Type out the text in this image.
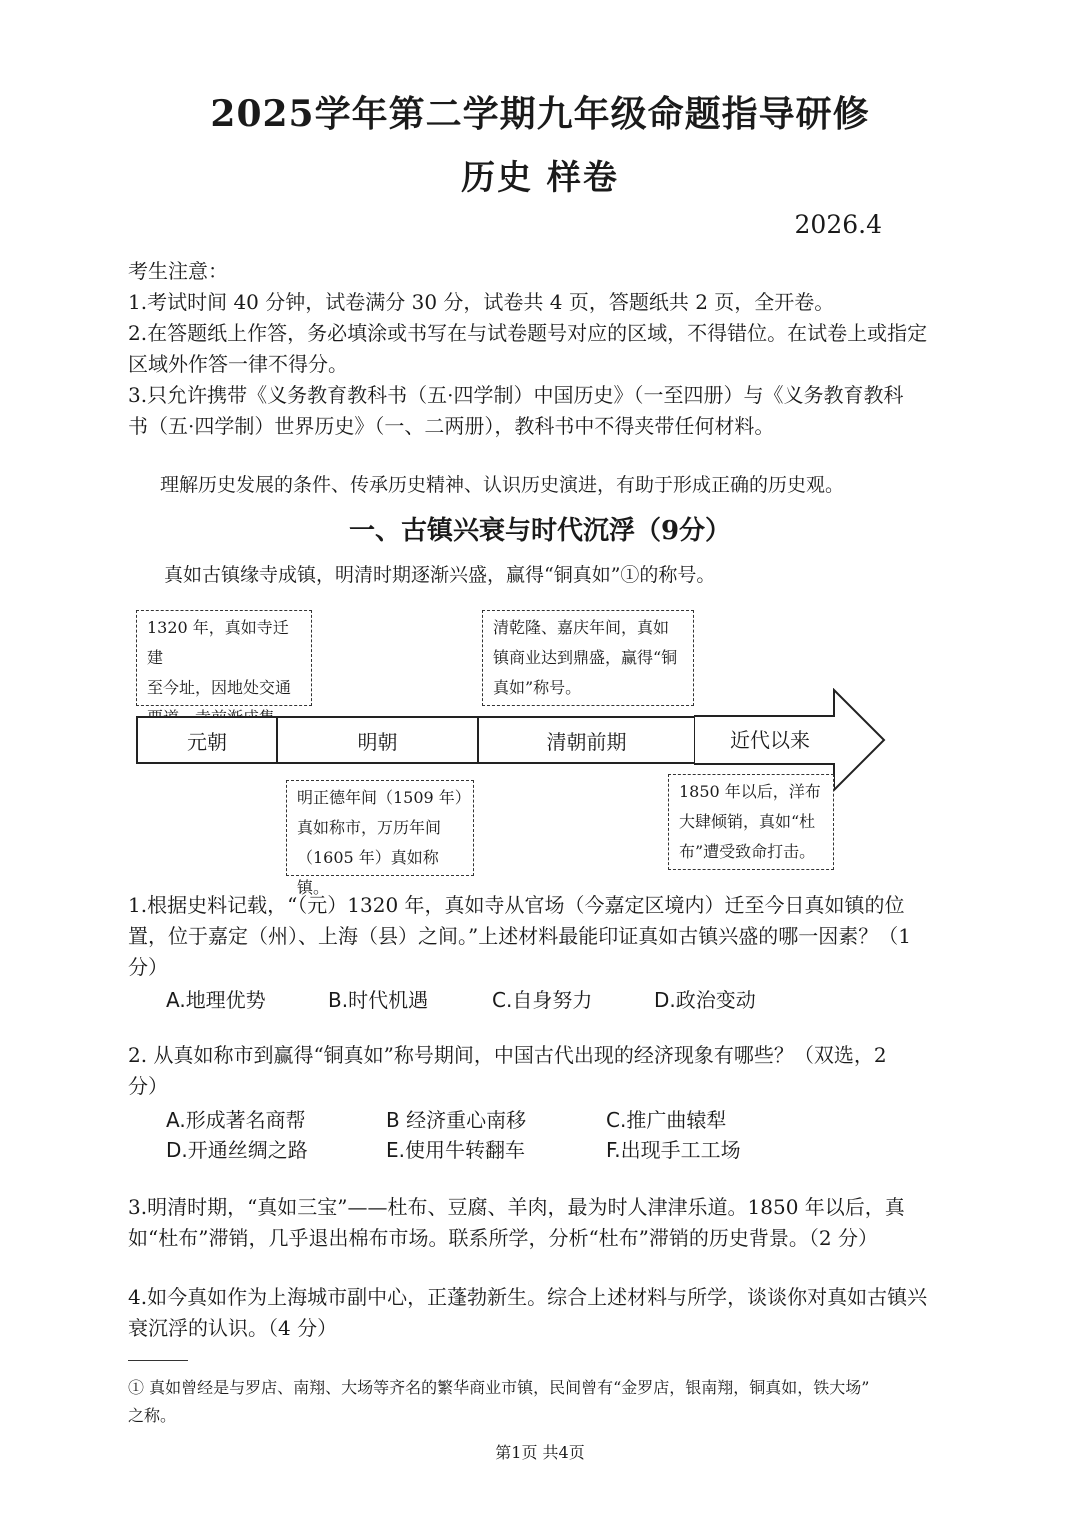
2025学年第二学期九年级命题指导研修
历史 样卷
2026.4
考生注意：
1.考试时间 40 分钟，试卷满分 30 分，试卷共 4 页，答题纸共 2 页，全开卷。
2.在答题纸上作答，务必填涂或书写在与试卷题号对应的区域，不得错位。在试卷上或指定
区域外作答一律不得分。
3.只允许携带《义务教育教科书（五·四学制）中国历史》（一至四册）与《义务教育教科
书（五·四学制）世界历史》（一、二两册），教科书中不得夹带任何材料。
理解历史发展的条件、传承历史精神、认识历史演进，有助于形成正确的历史观。
一、古镇兴衰与时代沉浮（9分）
真如古镇缘寺成镇，明清时期逐渐兴盛，赢得“铜真如”①的称号。
1320 年，真如寺迁建
至今址，因地处交通
清乾隆、嘉庆年间，真如
镇商业达到鼎盛，赢得“铜
真如”称号。
元朝	明朝	清朝前期	近代以来
明正德年间（1509 年）
真如称市，万历年间
（1605 年）真如称镇。
1850 年以后，洋布
大肆倾销，真如“杜
布”遭受致命打击。
1.根据史料记载，“（元）1320 年，真如寺从官场（今嘉定区境内）迁至今日真如镇的位
置，位于嘉定（州）、上海（县）之间。”上述材料最能印证真如古镇兴盛的哪一因素？（1
分）
A.地理优势	B.时代机遇	C.自身努力	D.政治变动
2. 从真如称市到赢得“铜真如”称号期间，中国古代出现的经济现象有哪些？（双选，2
分）
A.形成著名商帮	B 经济重心南移	C.推广曲辕犁
D.开通丝绸之路	E.使用牛转翻车	F.出现手工工场
3.明清时期，“真如三宝”——杜布、豆腐、羊肉，最为时人津津乐道。1850 年以后，真
如“杜布”滞销，几乎退出棉布市场。联系所学，分析“杜布”滞销的历史背景。（2 分）
4.如今真如作为上海城市副中心，正蓬勃新生。综合上述材料与所学，谈谈你对真如古镇兴
衰沉浮的认识。（4 分）
① 真如曾经是与罗店、南翔、大场等齐名的繁华商业市镇，民间曾有“金罗店，银南翔，铜真如，铁大场”
之称。
第1页 共4页
